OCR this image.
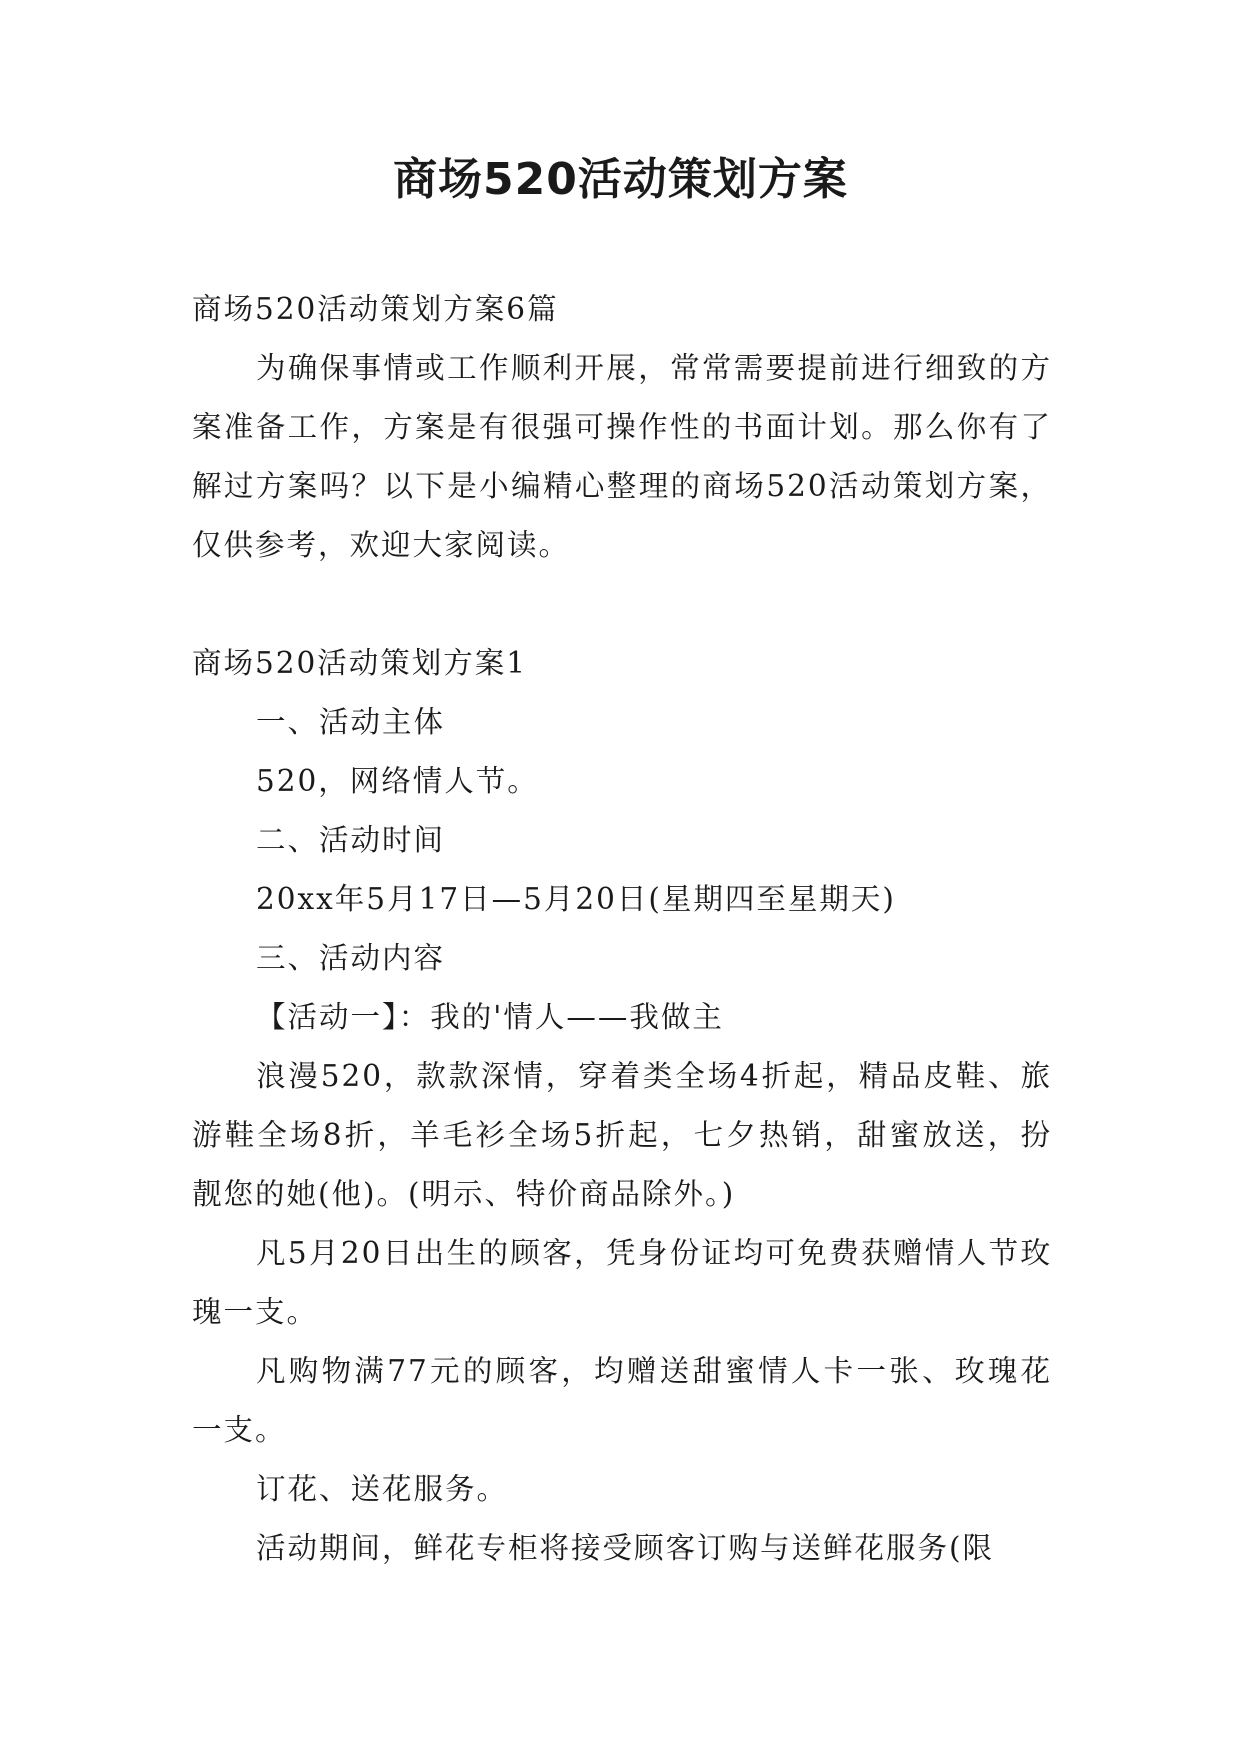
商场520活动策划方案

商场520活动策划方案6篇

为确保事情或工作顺利开展，常常需要提前进行细致的方案准备工作，方案是有很强可操作性的书面计划。那么你有了解过方案吗？以下是小编精心整理的商场520活动策划方案，仅供参考，欢迎大家阅读。

商场520活动策划方案1

一、活动主体

520，网络情人节。

二、活动时间

20xx年5月17日—5月20日(星期四至星期天)

三、活动内容

【活动一】：我的'情人——我做主

浪漫520，款款深情，穿着类全场4折起，精品皮鞋、旅游鞋全场8折，羊毛衫全场5折起，七夕热销，甜蜜放送，扮靓您的她(他)。(明示、特价商品除外。)

凡5月20日出生的顾客，凭身份证均可免费获赠情人节玫瑰一支。

凡购物满77元的顾客，均赠送甜蜜情人卡一张、玫瑰花一支。

订花、送花服务。

活动期间，鲜花专柜将接受顾客订购与送鲜花服务(限
